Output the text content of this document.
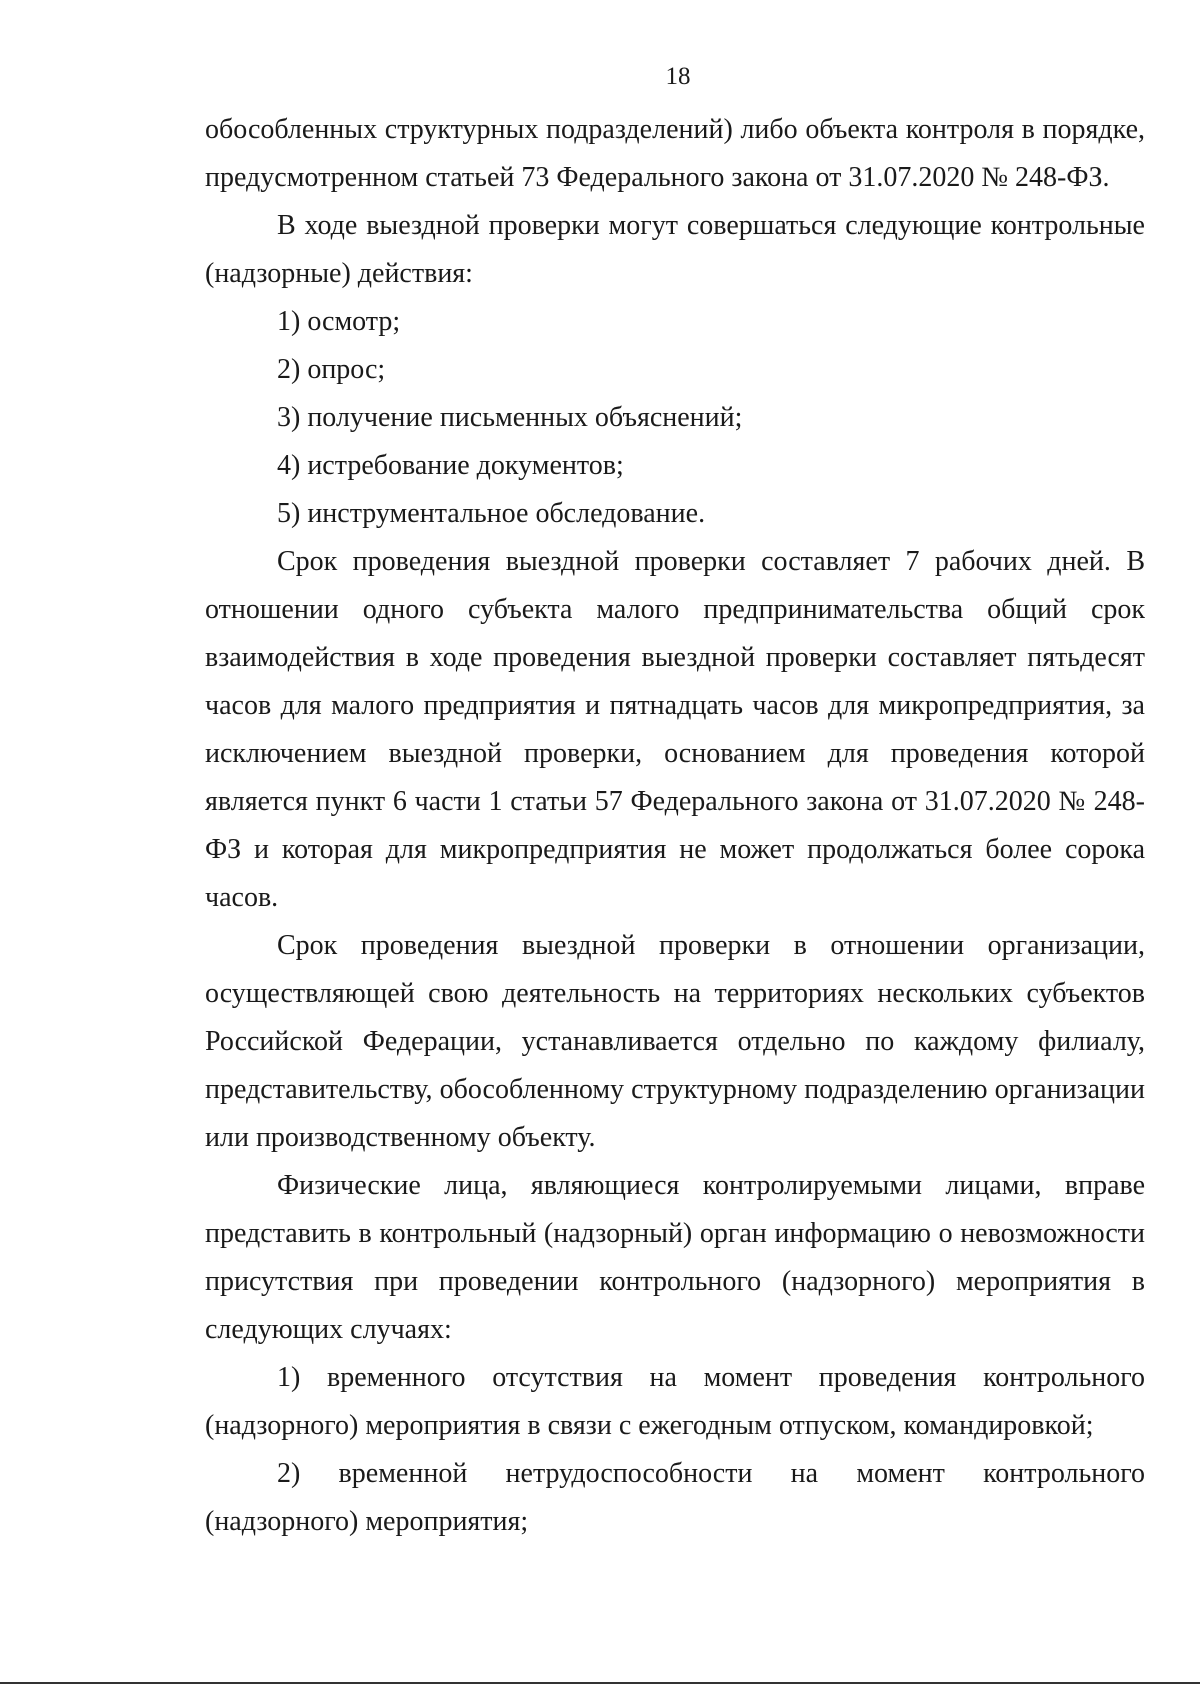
18

обособленных структурных подразделений) либо объекта контроля в порядке, предусмотренном статьей 73 Федерального закона от 31.07.2020 № 248-ФЗ.

В ходе выездной проверки могут совершаться следующие контрольные (надзорные) действия:

1) осмотр;

2) опрос;

3) получение письменных объяснений;

4) истребование документов;

5) инструментальное обследование.

Срок проведения выездной проверки составляет 7 рабочих дней. В отношении одного субъекта малого предпринимательства общий срок взаимодействия в ходе проведения выездной проверки составляет пятьдесят часов для малого предприятия и пятнадцать часов для микропредприятия, за исключением выездной проверки, основанием для проведения которой является пункт 6 части 1 статьи 57 Федерального закона от 31.07.2020 № 248-ФЗ и которая для микропредприятия не может продолжаться более сорока часов.

Срок проведения выездной проверки в отношении организации, осуществляющей свою деятельность на территориях нескольких субъектов Российской Федерации, устанавливается отдельно по каждому филиалу, представительству, обособленному структурному подразделению организации или производственному объекту.

Физические лица, являющиеся контролируемыми лицами, вправе представить в контрольный (надзорный) орган информацию о невозможности присутствия при проведении контрольного (надзорного) мероприятия в следующих случаях:

1) временного отсутствия на момент проведения контрольного (надзорного) мероприятия в связи с ежегодным отпуском, командировкой;

2) временной нетрудоспособности на момент контрольного (надзорного) мероприятия;
